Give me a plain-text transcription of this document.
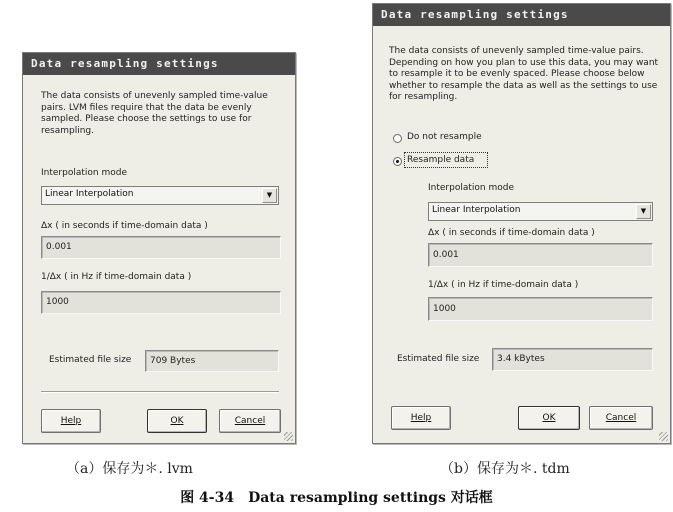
Data resampling settings
The data consists of unevenly sampled time-value pairs. LVM files require that the data be evenly sampled. Please choose the settings to use for resampling.
Interpolation mode
Linear Interpolation	▼
Δx ( in seconds if time-domain data )
0.001
1/Δx ( in Hz if time-domain data )
1000
Estimated file size	709 Bytes
Help	OK	Cancel
Data resampling settings
The data consists of unevenly sampled time-value pairs. Depending on how you plan to use this data, you may want to resample it to be evenly spaced. Please choose below whether to resample the data as well as the settings to use for resampling.
Do not resample
Resample data
Interpolation mode
Linear Interpolation	▼
Δx ( in seconds if time-domain data )
0.001
1/Δx ( in Hz if time-domain data )
1000
Estimated file size	3.4 kBytes
Help	OK	Cancel
（a）保存为＊. lvm	（b）保存为＊. tdm
图 4-34　Data resampling settings 对话框
